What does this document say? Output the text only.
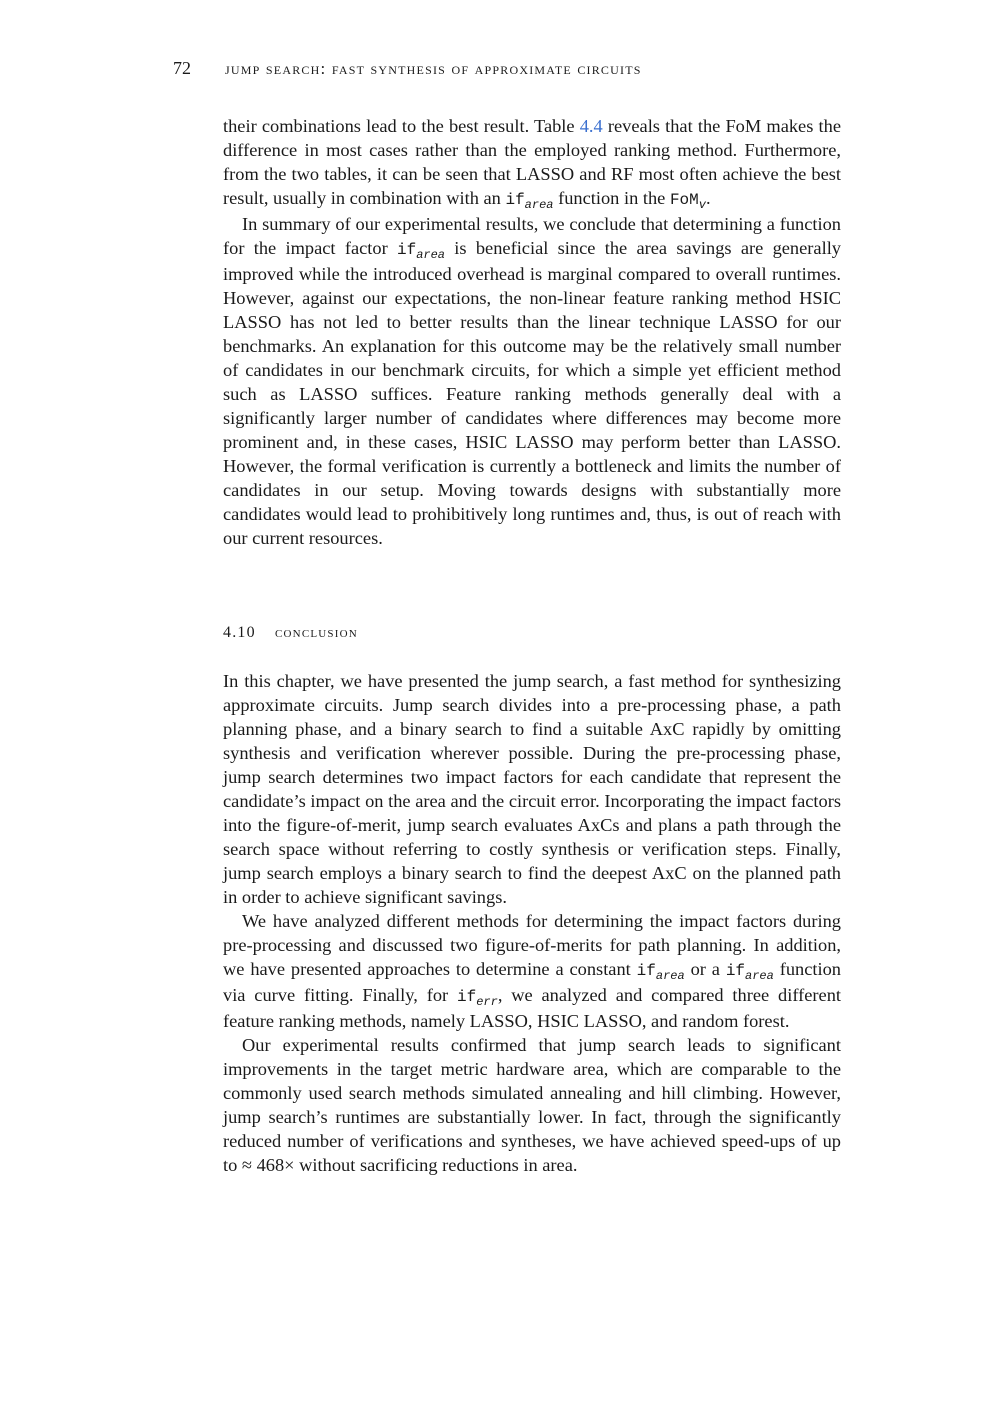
72 jump search: fast synthesis of approximate circuits

their combinations lead to the best result. Table 4.4 reveals that the FoM makes the difference in most cases rather than the employed ranking method. Furthermore, from the two tables, it can be seen that LASSO and RF most often achieve the best result, usually in combination with an $if_{area}$ function in the FoM$_v$.

In summary of our experimental results, we conclude that determining a function for the impact factor $if_{area}$ is beneficial since the area savings are generally improved while the introduced overhead is marginal compared to overall runtimes. However, against our expectations, the non-linear feature ranking method HSIC LASSO has not led to better results than the linear technique LASSO for our benchmarks. An explanation for this outcome may be the relatively small number of candidates in our benchmark circuits, for which a simple yet efficient method such as LASSO suffices. Feature ranking methods generally deal with a significantly larger number of candidates where differences may become more prominent and, in these cases, HSIC LASSO may perform better than LASSO. However, the formal verification is currently a bottleneck and limits the number of candidates in our setup. Moving towards designs with substantially more candidates would lead to prohibitively long runtimes and, thus, is out of reach with our current resources.

4.10 conclusion

In this chapter, we have presented the jump search, a fast method for synthesizing approximate circuits. Jump search divides into a pre-processing phase, a path planning phase, and a binary search to find a suitable AxC rapidly by omitting synthesis and verification wherever possible. During the pre-processing phase, jump search determines two impact factors for each candidate that represent the candidate’s impact on the area and the circuit error. Incorporating the impact factors into the figure-of-merit, jump search evaluates AxCs and plans a path through the search space without referring to costly synthesis or verification steps. Finally, jump search employs a binary search to find the deepest AxC on the planned path in order to achieve significant savings.

We have analyzed different methods for determining the impact factors during pre-processing and discussed two figure-of-merits for path planning. In addition, we have presented approaches to determine a constant $if_{area}$ or a $if_{area}$ function via curve fitting. Finally, for $if_{err}$, we analyzed and compared three different feature ranking methods, namely LASSO, HSIC LASSO, and random forest.

Our experimental results confirmed that jump search leads to significant improvements in the target metric hardware area, which are comparable to the commonly used search methods simulated annealing and hill climbing. However, jump search’s runtimes are substantially lower. In fact, through the significantly reduced number of verifications and syntheses, we have achieved speed-ups of up to ≈ 468× without sacrificing reductions in area.
